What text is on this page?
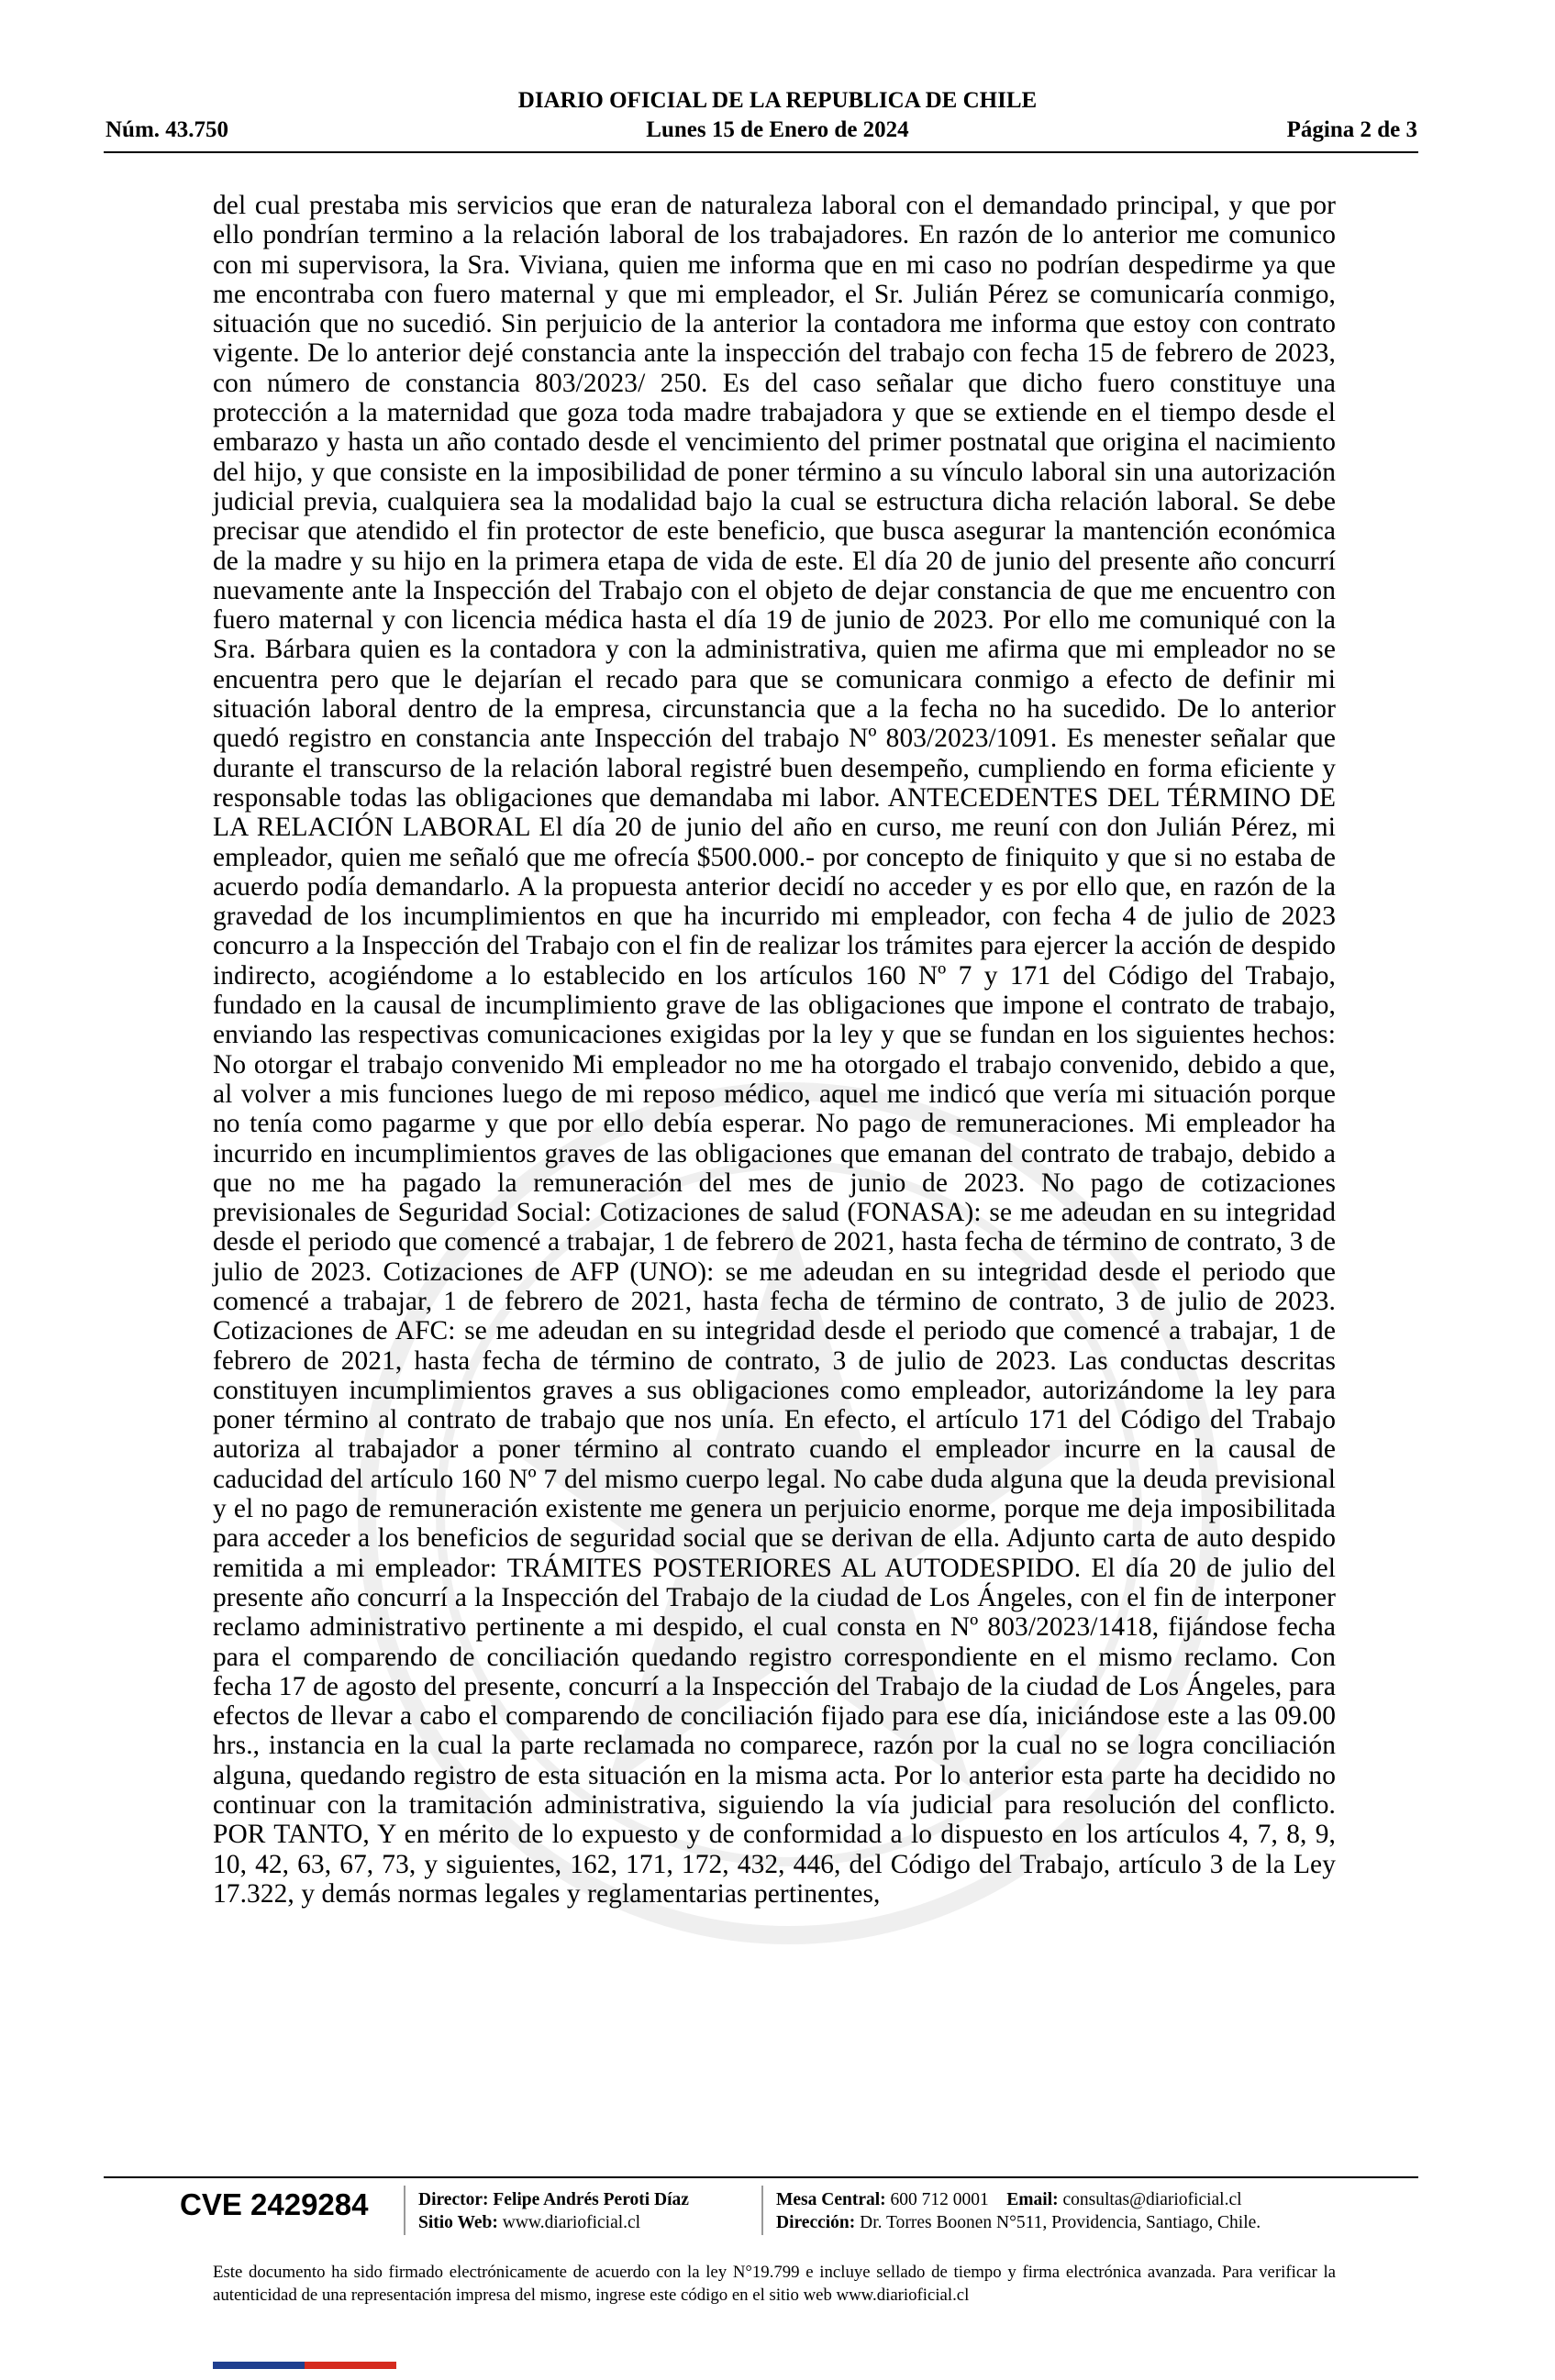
DIARIO OFICIAL DE LA REPUBLICA DE CHILE
Núm. 43.750	Lunes 15 de Enero de 2024	Página 2 de 3
del cual prestaba mis servicios que eran de naturaleza laboral con el demandado principal, y que por ello pondrían termino a la relación laboral de los trabajadores. En razón de lo anterior me comunico con mi supervisora, la Sra. Viviana, quien me informa que en mi caso no podrían despedirme ya que me encontraba con fuero maternal y que mi empleador, el Sr. Julián Pérez se comunicaría conmigo, situación que no sucedió. Sin perjuicio de la anterior la contadora me informa que estoy con contrato vigente. De lo anterior dejé constancia ante la inspección del trabajo con fecha 15 de febrero de 2023, con número de constancia 803/2023/ 250. Es del caso señalar que dicho fuero constituye una protección a la maternidad que goza toda madre trabajadora y que se extiende en el tiempo desde el embarazo y hasta un año contado desde el vencimiento del primer postnatal que origina el nacimiento del hijo, y que consiste en la imposibilidad de poner término a su vínculo laboral sin una autorización judicial previa, cualquiera sea la modalidad bajo la cual se estructura dicha relación laboral. Se debe precisar que atendido el fin protector de este beneficio, que busca asegurar la mantención económica de la madre y su hijo en la primera etapa de vida de este. El día 20 de junio del presente año concurrí nuevamente ante la Inspección del Trabajo con el objeto de dejar constancia de que me encuentro con fuero maternal y con licencia médica hasta el día 19 de junio de 2023. Por ello me comuniqué con la Sra. Bárbara quien es la contadora y con la administrativa, quien me afirma que mi empleador no se encuentra pero que le dejarían el recado para que se comunicara conmigo a efecto de definir mi situación laboral dentro de la empresa, circunstancia que a la fecha no ha sucedido. De lo anterior quedó registro en constancia ante Inspección del trabajo Nº 803/2023/1091. Es menester señalar que durante el transcurso de la relación laboral registré buen desempeño, cumpliendo en forma eficiente y responsable todas las obligaciones que demandaba mi labor. ANTECEDENTES DEL TÉRMINO DE LA RELACIÓN LABORAL El día 20 de junio del año en curso, me reuní con don Julián Pérez, mi empleador, quien me señaló que me ofrecía $500.000.- por concepto de finiquito y que si no estaba de acuerdo podía demandarlo. A la propuesta anterior decidí no acceder y es por ello que, en razón de la gravedad de los incumplimientos en que ha incurrido mi empleador, con fecha 4 de julio de 2023 concurro a la Inspección del Trabajo con el fin de realizar los trámites para ejercer la acción de despido indirecto, acogiéndome a lo establecido en los artículos 160 Nº 7 y 171 del Código del Trabajo, fundado en la causal de incumplimiento grave de las obligaciones que impone el contrato de trabajo, enviando las respectivas comunicaciones exigidas por la ley y que se fundan en los siguientes hechos: No otorgar el trabajo convenido Mi empleador no me ha otorgado el trabajo convenido, debido a que, al volver a mis funciones luego de mi reposo médico, aquel me indicó que vería mi situación porque no tenía como pagarme y que por ello debía esperar. No pago de remuneraciones. Mi empleador ha incurrido en incumplimientos graves de las obligaciones que emanan del contrato de trabajo, debido a que no me ha pagado la remuneración del mes de junio de 2023. No pago de cotizaciones previsionales de Seguridad Social: Cotizaciones de salud (FONASA): se me adeudan en su integridad desde el periodo que comencé a trabajar, 1 de febrero de 2021, hasta fecha de término de contrato, 3 de julio de 2023. Cotizaciones de AFP (UNO): se me adeudan en su integridad desde el periodo que comencé a trabajar, 1 de febrero de 2021, hasta fecha de término de contrato, 3 de julio de 2023. Cotizaciones de AFC: se me adeudan en su integridad desde el periodo que comencé a trabajar, 1 de febrero de 2021, hasta fecha de término de contrato, 3 de julio de 2023. Las conductas descritas constituyen incumplimientos graves a sus obligaciones como empleador, autorizándome la ley para poner término al contrato de trabajo que nos unía. En efecto, el artículo 171 del Código del Trabajo autoriza al trabajador a poner término al contrato cuando el empleador incurre en la causal de caducidad del artículo 160 Nº 7 del mismo cuerpo legal. No cabe duda alguna que la deuda previsional y el no pago de remuneración existente me genera un perjuicio enorme, porque me deja imposibilitada para acceder a los beneficios de seguridad social que se derivan de ella. Adjunto carta de auto despido remitida a mi empleador: TRÁMITES POSTERIORES AL AUTODESPIDO. El día 20 de julio del presente año concurrí a la Inspección del Trabajo de la ciudad de Los Ángeles, con el fin de interponer reclamo administrativo pertinente a mi despido, el cual consta en Nº 803/2023/1418, fijándose fecha para el comparendo de conciliación quedando registro correspondiente en el mismo reclamo. Con fecha 17 de agosto del presente, concurrí a la Inspección del Trabajo de la ciudad de Los Ángeles, para efectos de llevar a cabo el comparendo de conciliación fijado para ese día, iniciándose este a las 09.00 hrs., instancia en la cual la parte reclamada no comparece, razón por la cual no se logra conciliación alguna, quedando registro de esta situación en la misma acta. Por lo anterior esta parte ha decidido no continuar con la tramitación administrativa, siguiendo la vía judicial para resolución del conflicto. POR TANTO, Y en mérito de lo expuesto y de conformidad a lo dispuesto en los artículos 4, 7, 8, 9, 10, 42, 63, 67, 73, y siguientes, 162, 171, 172, 432, 446, del Código del Trabajo, artículo 3 de la Ley 17.322, y demás normas legales y reglamentarias pertinentes,
CVE 2429284	Director: Felipe Andrés Peroti Díaz
Sitio Web: www.diarioficial.cl
Mesa Central: 600 712 0001 Email: consultas@diarioficial.cl
Dirección: Dr. Torres Boonen N°511, Providencia, Santiago, Chile.
Este documento ha sido firmado electrónicamente de acuerdo con la ley N°19.799 e incluye sellado de tiempo y firma electrónica avanzada. Para verificar la autenticidad de una representación impresa del mismo, ingrese este código en el sitio web www.diarioficial.cl
